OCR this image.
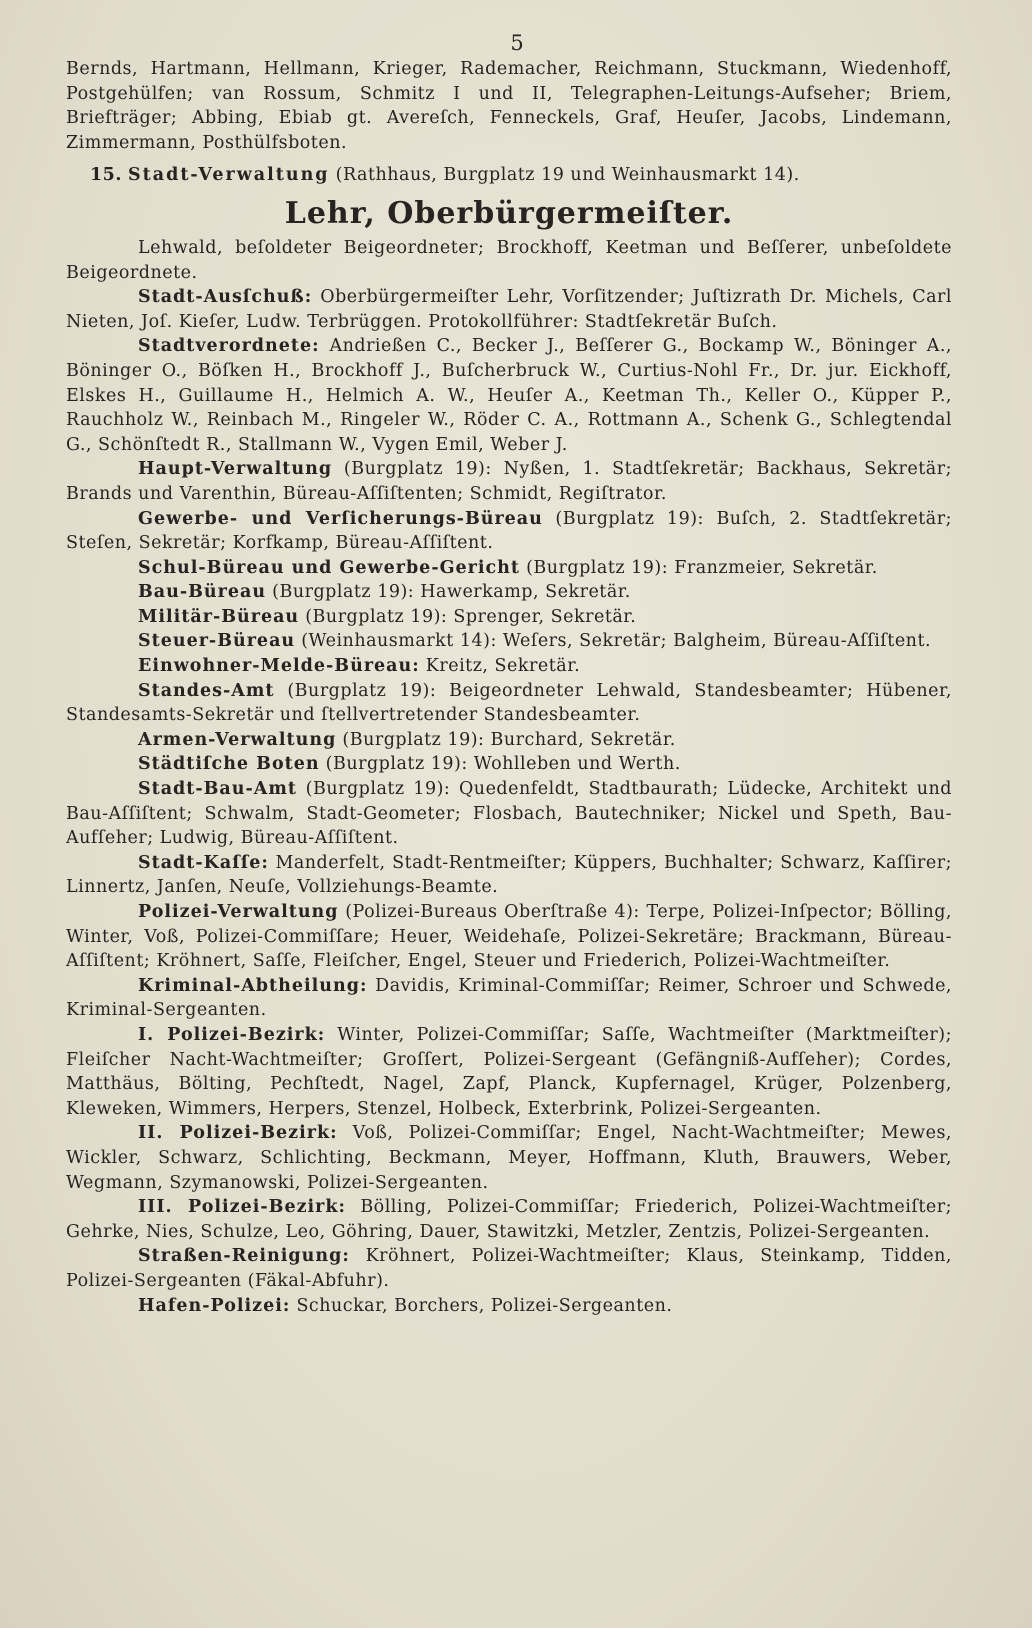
5

Bernds, Hartmann, Hellmann, Krieger, Rademacher, Reichmann, Stuckmann, Wiedenhoff, Postgehülfen; van Rossum, Schmitz I und II, Telegraphen-Leitungs-Aufseher; Briem, Briefträger; Abbing, Ebiab gt. Avereſch, Fenneckels, Graf, Heuſer, Jacobs, Lindemann, Zimmermann, Posthülfsboten.

15. Stadt-Verwaltung (Rathhaus, Burgplatz 19 und Weinhausmarkt 14).

Lehr, Oberbürgermeiſter.

Lehwald, beſoldeter Beigeordneter; Brockhoff, Keetman und Beſſerer, unbeſoldete Beigeordnete.

Stadt-Ausſchuß: Oberbürgermeiſter Lehr, Vorſitzender; Juſtizrath Dr. Michels, Carl Nieten, Joſ. Kieſer, Ludw. Terbrüggen. Protokollführer: Stadtſekretär Buſch.

Stadtverordnete: Andrießen C., Becker J., Beſſerer G., Bockamp W., Böninger A., Böninger O., Böſken H., Brockhoff J., Buſcherbruck W., Curtius-Nohl Fr., Dr. jur. Eickhoff, Elskes H., Guillaume H., Helmich A. W., Heuſer A., Keetman Th., Keller O., Küpper P., Rauchholz W., Reinbach M., Ringeler W., Röder C. A., Rottmann A., Schenk G., Schlegtendal G., Schönſtedt R., Stallmann W., Vygen Emil, Weber J.

Haupt-Verwaltung (Burgplatz 19): Nyßen, 1. Stadtſekretär; Backhaus, Sekretär; Brands und Varenthin, Büreau-Aſſiſtenten; Schmidt, Regiſtrator.

Gewerbe- und Verſicherungs-Büreau (Burgplatz 19): Buſch, 2. Stadtſekretär; Steſen, Sekretär; Korfkamp, Büreau-Aſſiſtent.

Schul-Büreau und Gewerbe-Gericht (Burgplatz 19): Franzmeier, Sekretär.

Bau-Büreau (Burgplatz 19): Hawerkamp, Sekretär.

Militär-Büreau (Burgplatz 19): Sprenger, Sekretär.

Steuer-Büreau (Weinhausmarkt 14): Weſers, Sekretär; Balgheim, Büreau-Aſſiſtent.

Einwohner-Melde-Büreau: Kreitz, Sekretär.

Standes-Amt (Burgplatz 19): Beigeordneter Lehwald, Standesbeamter; Hübener, Standesamts-Sekretär und ſtellvertretender Standesbeamter.

Armen-Verwaltung (Burgplatz 19): Burchard, Sekretär.

Städtiſche Boten (Burgplatz 19): Wohlleben und Werth.

Stadt-Bau-Amt (Burgplatz 19): Quedenfeldt, Stadtbaurath; Lüdecke, Architekt und Bau-Aſſiſtent; Schwalm, Stadt-Geometer; Flosbach, Bautechniker; Nickel und Speth, Bau-Aufſeher; Ludwig, Büreau-Aſſiſtent.

Stadt-Kaſſe: Manderfelt, Stadt-Rentmeiſter; Küppers, Buchhalter; Schwarz, Kaſſirer; Linnertz, Janſen, Neuſe, Vollziehungs-Beamte.

Polizei-Verwaltung (Polizei-Bureaus Oberſtraße 4): Terpe, Polizei-Inſpector; Bölling, Winter, Voß, Polizei-Commiſſare; Heuer, Weidehaſe, Polizei-Sekretäre; Brackmann, Büreau-Aſſiſtent; Kröhnert, Saſſe, Fleiſcher, Engel, Steuer und Friederich, Polizei-Wachtmeiſter.

Kriminal-Abtheilung: Davidis, Kriminal-Commiſſar; Reimer, Schroer und Schwede, Kriminal-Sergeanten.

I. Polizei-Bezirk: Winter, Polizei-Commiſſar; Saſſe, Wachtmeiſter (Marktmeiſter); Fleiſcher Nacht-Wachtmeiſter; Groſſert, Polizei-Sergeant (Gefängniß-Aufſeher); Cordes, Matthäus, Bölting, Pechſtedt, Nagel, Zapf, Planck, Kupfernagel, Krüger, Polzenberg, Kleweken, Wimmers, Herpers, Stenzel, Holbeck, Exterbrink, Polizei-Sergeanten.

II. Polizei-Bezirk: Voß, Polizei-Commiſſar; Engel, Nacht-Wachtmeiſter; Mewes, Wickler, Schwarz, Schlichting, Beckmann, Meyer, Hoffmann, Kluth, Brauwers, Weber, Wegmann, Szymanowski, Polizei-Sergeanten.

III. Polizei-Bezirk: Bölling, Polizei-Commiſſar; Friederich, Polizei-Wachtmeiſter; Gehrke, Nies, Schulze, Leo, Göhring, Dauer, Stawitzki, Metzler, Zentzis, Polizei-Sergeanten.

Straßen-Reinigung: Kröhnert, Polizei-Wachtmeiſter; Klaus, Steinkamp, Tidden, Polizei-Sergeanten (Fäkal-Abfuhr).

Hafen-Polizei: Schuckar, Borchers, Polizei-Sergeanten.
